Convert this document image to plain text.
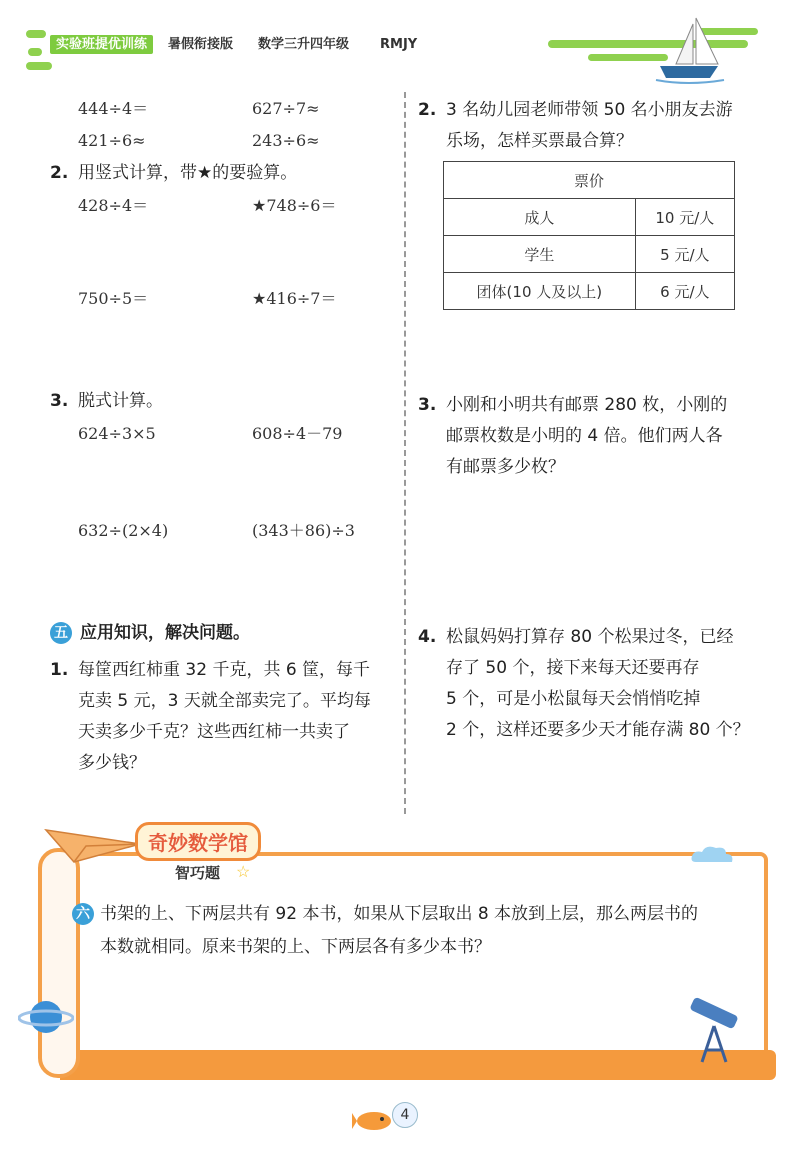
实验班提优训练	暑假衔接版 数学三升四年级 RMJY
444÷4＝	627÷7≈
421÷6≈	243÷6≈
2. 用竖式计算，带★的要验算。
428÷4＝	★748÷6＝
750÷5＝	★416÷7＝
3. 脱式计算。
624÷3×5	608÷4－79
632÷(2×4)	(343＋86)÷3
五 应用知识，解决问题。
1. 每筐西红柿重 32 千克，共 6 筐，每千
克卖 5 元，3 天就全部卖完了。平均每
天卖多少千克？这些西红柿一共卖了
多少钱？
2. 3 名幼儿园老师带领 50 名小朋友去游
乐场，怎样买票最合算？
票价	
成人	10 元/人
学生	5 元/人
团体(10 人及以上)	6 元/人
3. 小刚和小明共有邮票 280 枚，小刚的
邮票枚数是小明的 4 倍。他们两人各
有邮票多少枚？
4. 松鼠妈妈打算存 80 个松果过冬，已经
存了 50 个，接下来每天还要再存
5 个，可是小松鼠每天会悄悄吃掉
2 个，这样还要多少天才能存满 80 个？
奇妙数学馆
智巧题 ☆
六 书架的上、下两层共有 92 本书，如果从下层取出 8 本放到上层，那么两层书的
本数就相同。原来书架的上、下两层各有多少本书？
4
